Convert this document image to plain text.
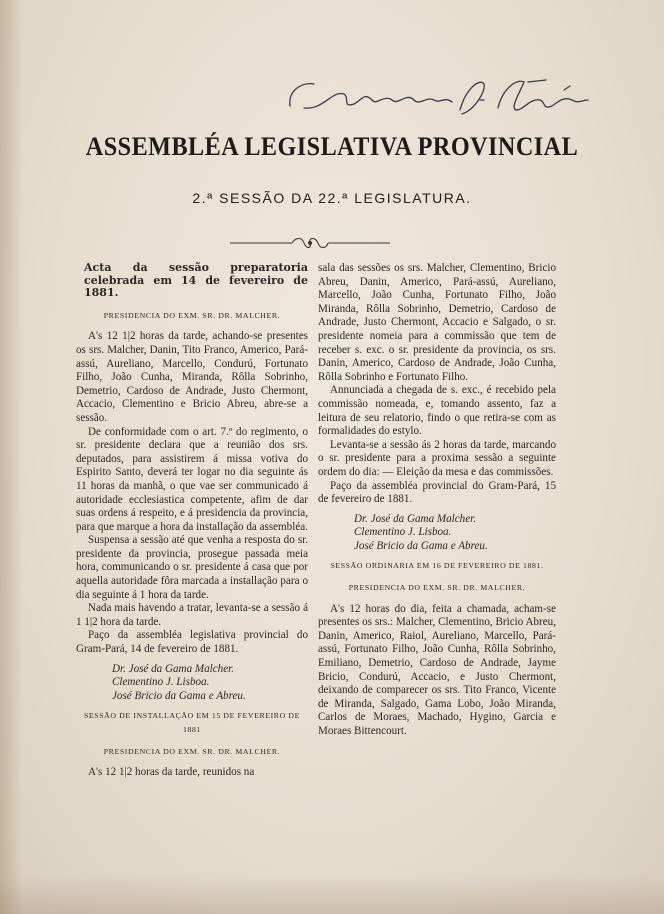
ASSEMBLÉA LEGISLATIVA PROVINCIAL
2.ª SESSÃO DA 22.ª LEGISLATURA.
Acta da sessão preparatoria celebrada em 14 de fevereiro de 1881.
PRESIDENCIA DO EXM. SR. DR. MALCHER.

A's 12 1|2 horas da tarde, achando-se presentes os srs. Malcher, Danin, Tito Franco, Americo, Pará-assú, Aureliano, Marcello, Condurú, Fortunato Filho, João Cunha, Miranda, Rôlla Sobrinho, Demetrio, Cardoso de Andrade, Justo Chermont, Accacio, Clementino e Bricio Abreu, abre-se a sessão.

De conformidade com o art. 7.º do regimento, o sr. presidente declara que a reunião dos srs. deputados, para assistirem á missa votiva do Espirito Santo, deverá ter logar no dia seguinte ás 11 horas da manhã, o que vae ser communicado á autoridade ecclesiastica competente, afim de dar suas ordens á respeito, e á presidencia da provincia, para que marque a hora da installação da assembléa.

Suspensa a sessão até que venha a resposta do sr. presidente da provincia, prosegue passada meia hora, communicando o sr. presidente á casa que por aquella autoridade fôra marcada a installação para o dia seguinte á 1 hora da tarde.

Nada mais havendo a tratar, levanta-se a sessão á 1 1|2 hora da tarde.

Paço da assembléa legislativa provincial do Gram-Pará, 14 de fevereiro de 1881.

Dr. José da Gama Malcher.

Clementino J. Lisboa.

José Bricio da Gama e Abreu.

SESSÃO DE INSTALLAÇÃO EM 15 DE FEVEREIRO DE 1881
PRESIDENCIA DO EXM. SR. DR. MALCHER.

A's 12 1|2 horas da tarde, reunidos na

sala das sessões os srs. Malcher, Clementino, Bricio Abreu, Danin, Americo, Pará-assú, Aureliano, Marcello, João Cunha, Fortunato Filho, João Miranda, Rôlla Sobrinho, Demetrio, Cardoso de Andrade, Justo Chermont, Accacio e Salgado, o sr. presidente nomeia para a commissão que tem de receber s. exc. o sr. presidente da provincia, os srs. Danin, Americo, Cardoso de Andrade, João Cunha, Rôlla Sobrinho e Fortunato Filho.

Annunciada a chegada de s. exc., é recebido pela commissão nomeada, e, tomando assento, faz a leitura de seu relatorio, findo o que retira-se com as formalidades do estylo.

Levanta-se a sessão ás 2 horas da tarde, marcando o sr. presidente para a proxima sessão a seguinte ordem do dia: — Eleição da mesa e das commissões.

Paço da assembléa provincial do Gram-Pará, 15 de fevereiro de 1881.

Dr. José da Gama Malcher.

Clementino J. Lisboa.

José Bricio da Gama e Abreu.

SESSÃO ORDINARIA EM 16 DE FEVEREIRO DE 1881.
PRESIDENCIA DO EXM. SR. DR. MALCHER.

A's 12 horas do dia, feita a chamada, acham-se presentes os srs.: Malcher, Clementino, Bricio Abreu, Danin, Americo, Raiol, Aureliano, Marcello, Pará-assú, Fortunato Filho, João Cunha, Rôlla Sobrinho, Emiliano, Demetrio, Cardoso de Andrade, Jayme Bricio, Condurú, Accacio, e Justo Chermont, deixando de comparecer os srs. Tito Franco, Vicente de Miranda, Salgado, Gama Lobo, João Miranda, Carlos de Moraes, Machado, Hygino, Garcia e Moraes Bittencourt.
